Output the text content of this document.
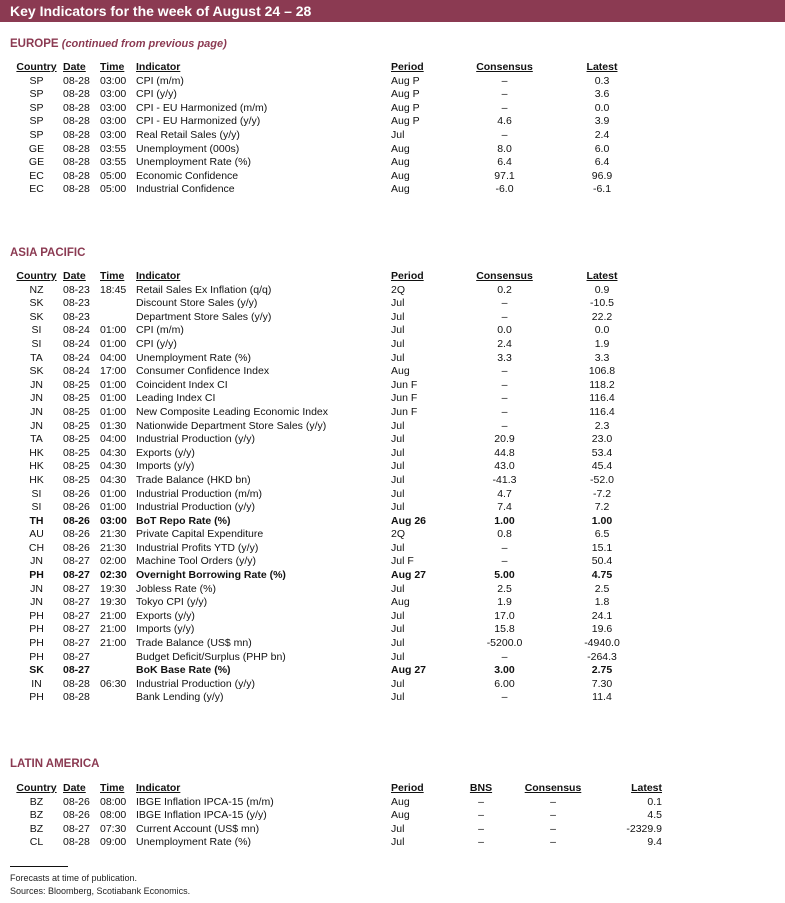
Key Indicators for the week of August 24 – 28
EUROPE (continued from previous page)
Country	Date	Time	Indicator	Period	Consensus	Latest
SP	08-28	03:00	CPI (m/m)	Aug P	–	0.3
SP	08-28	03:00	CPI (y/y)	Aug P	–	3.6
SP	08-28	03:00	CPI - EU Harmonized (m/m)	Aug P	–	0.0
SP	08-28	03:00	CPI - EU Harmonized (y/y)	Aug P	4.6	3.9
SP	08-28	03:00	Real Retail Sales (y/y)	Jul	–	2.4
GE	08-28	03:55	Unemployment (000s)	Aug	8.0	6.0
GE	08-28	03:55	Unemployment Rate (%)	Aug	6.4	6.4
EC	08-28	05:00	Economic Confidence	Aug	97.1	96.9
EC	08-28	05:00	Industrial Confidence	Aug	-6.0	-6.1
ASIA PACIFIC
Country	Date	Time	Indicator	Period	Consensus	Latest
NZ	08-23	18:45	Retail Sales Ex Inflation (q/q)	2Q	0.2	0.9
SK	08-23		Discount Store Sales (y/y)	Jul	–	-10.5
SK	08-23		Department Store Sales (y/y)	Jul	–	22.2
SI	08-24	01:00	CPI (m/m)	Jul	0.0	0.0
SI	08-24	01:00	CPI (y/y)	Jul	2.4	1.9
TA	08-24	04:00	Unemployment Rate (%)	Jul	3.3	3.3
SK	08-24	17:00	Consumer Confidence Index	Aug	–	106.8
JN	08-25	01:00	Coincident Index CI	Jun F	–	118.2
JN	08-25	01:00	Leading Index CI	Jun F	–	116.4
JN	08-25	01:00	New Composite Leading Economic Index	Jun F	–	116.4
JN	08-25	01:30	Nationwide Department Store Sales (y/y)	Jul	–	2.3
TA	08-25	04:00	Industrial Production (y/y)	Jul	20.9	23.0
HK	08-25	04:30	Exports (y/y)	Jul	44.8	53.4
HK	08-25	04:30	Imports (y/y)	Jul	43.0	45.4
HK	08-25	04:30	Trade Balance (HKD bn)	Jul	-41.3	-52.0
SI	08-26	01:00	Industrial Production (m/m)	Jul	4.7	-7.2
SI	08-26	01:00	Industrial Production (y/y)	Jul	7.4	7.2
TH	08-26	03:00	BoT Repo Rate (%)	Aug 26	1.00	1.00
AU	08-26	21:30	Private Capital Expenditure	2Q	0.8	6.5
CH	08-26	21:30	Industrial Profits YTD (y/y)	Jul	–	15.1
JN	08-27	02:00	Machine Tool Orders (y/y)	Jul F	–	50.4
PH	08-27	02:30	Overnight Borrowing Rate (%)	Aug 27	5.00	4.75
JN	08-27	19:30	Jobless Rate (%)	Jul	2.5	2.5
JN	08-27	19:30	Tokyo CPI (y/y)	Aug	1.9	1.8
PH	08-27	21:00	Exports (y/y)	Jul	17.0	24.1
PH	08-27	21:00	Imports (y/y)	Jul	15.8	19.6
PH	08-27	21:00	Trade Balance (US$ mn)	Jul	-5200.0	-4940.0
PH	08-27		Budget Deficit/Surplus (PHP bn)	Jul	–	-264.3
SK	08-27		BoK Base Rate (%)	Aug 27	3.00	2.75
IN	08-28	06:30	Industrial Production (y/y)	Jul	6.00	7.30
PH	08-28		Bank Lending (y/y)	Jul	–	11.4
LATIN AMERICA
Country	Date	Time	Indicator	Period	BNS	Consensus	Latest
BZ	08-26	08:00	IBGE Inflation IPCA-15 (m/m)	Aug	–	–	0.1
BZ	08-26	08:00	IBGE Inflation IPCA-15 (y/y)	Aug	–	–	4.5
BZ	08-27	07:30	Current Account (US$ mn)	Jul	–	–	-2329.9
CL	08-28	09:00	Unemployment Rate (%)	Jul	–	–	9.4
Forecasts at time of publication.
Sources: Bloomberg, Scotiabank Economics.
